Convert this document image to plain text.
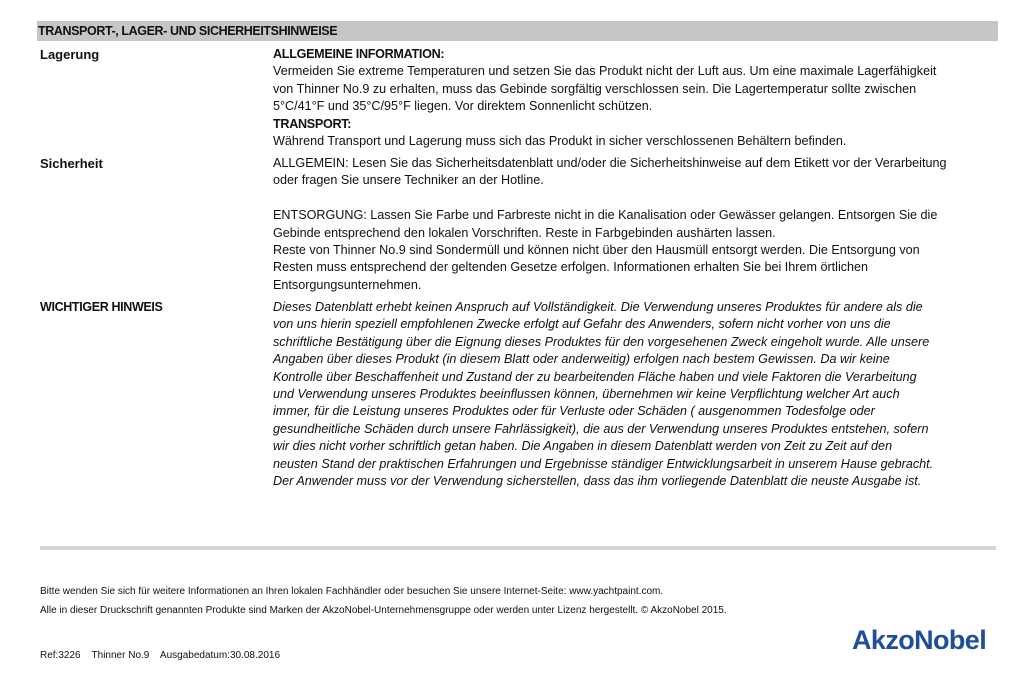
TRANSPORT-, LAGER- UND SICHERHEITSHINWEISE
Lagerung	ALLGEMEINE INFORMATION:

Vermeiden Sie extreme Temperaturen und setzen Sie das Produkt nicht der Luft aus. Um eine maximale Lagerfähigkeit

von Thinner No.9 zu erhalten, muss das Gebinde sorgfältig verschlossen sein. Die Lagertemperatur sollte zwischen

5°C/41°F und 35°C/95°F liegen. Vor direktem Sonnenlicht schützen.

TRANSPORT:

Während Transport und Lagerung muss sich das Produkt in sicher verschlossenen Behältern befinden.

Sicherheit	ALLGEMEIN: Lesen Sie das Sicherheitsdatenblatt und/oder die Sicherheitshinweise auf dem Etikett vor der Verarbeitung

oder fragen Sie unsere Techniker an der Hotline.

ENTSORGUNG: Lassen Sie Farbe und Farbreste nicht in die Kanalisation oder Gewässer gelangen. Entsorgen Sie die

Gebinde entsprechend den lokalen Vorschriften. Reste in Farbgebinden aushärten lassen.

Reste von Thinner No.9 sind Sondermüll und können nicht über den Hausmüll entsorgt werden. Die Entsorgung von

Resten muss entsprechend der geltenden Gesetze erfolgen. Informationen erhalten Sie bei Ihrem örtlichen

Entsorgungsunternehmen.

WICHTIGER HINWEIS	Dieses Datenblatt erhebt keinen Anspruch auf Vollständigkeit. Die Verwendung unseres Produktes für andere als die

von uns hierin speziell empfohlenen Zwecke erfolgt auf Gefahr des Anwenders, sofern nicht vorher von uns die

schriftliche Bestätigung über die Eignung dieses Produktes für den vorgesehenen Zweck eingeholt wurde. Alle unsere

Angaben über dieses Produkt (in diesem Blatt oder anderweitig) erfolgen nach bestem Gewissen. Da wir keine

Kontrolle über Beschaffenheit und Zustand der zu bearbeitenden Fläche haben und viele Faktoren die Verarbeitung

und Verwendung unseres Produktes beeinflussen können, übernehmen wir keine Verpflichtung welcher Art auch

immer, für die Leistung unseres Produktes oder für Verluste oder Schäden ( ausgenommen Todesfolge oder

gesundheitliche Schäden durch unsere Fahrlässigkeit), die aus der Verwendung unseres Produktes entstehen, sofern

wir dies nicht vorher schriftlich getan haben. Die Angaben in diesem Datenblatt werden von Zeit zu Zeit auf den

neusten Stand der praktischen Erfahrungen und Ergebnisse ständiger Entwicklungsarbeit in unserem Hause gebracht.

Der Anwender muss vor der Verwendung sicherstellen, dass das ihm vorliegende Datenblatt die neuste Ausgabe ist.

Bitte wenden Sie sich für weitere Informationen an Ihren lokalen Fachhändler oder besuchen Sie unsere Internet-Seite: www.yachtpaint.com.
Alle in dieser Druckschrift genannten Produkte sind Marken der AkzoNobel-Unternehmensgruppe oder werden unter Lizenz hergestellt. © AkzoNobel 2015.
Ref:3226 Thinner No.9 Ausgabedatum:30.08.2016
AkzoNobel
